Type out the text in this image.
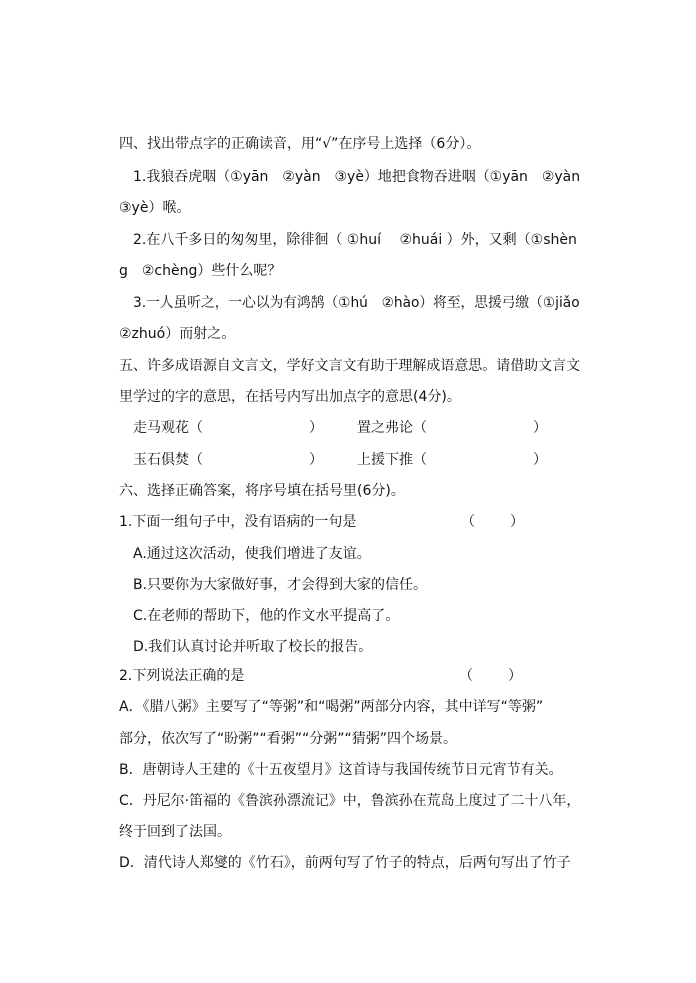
四、找出带点字的正确读音，用“√”在序号上选择（6分）。
1.我狼吞虎咽（①yān　②yàn　③yè）地把食物吞进咽（①yān　②yàn
③yè）喉。
2.在八千多日的匆匆里，除徘徊（ ①huí　 ②huái ）外，又剩（①shèn
g　②chèng）些什么呢？
3.一人虽听之，一心以为有鸿鹄（①hú　②hào）将至，思援弓缴（①jiǎo
②zhuó）而射之。
五、许多成语源自文言文，学好文言文有助于理解成语意思。请借助文言文
里学过的字的意思，在括号内写出加点字的意思(4分)。
走马观花（	） 置之弗论（	）
玉石俱焚（	） 上援下推（	）
六、选择正确答案，将序号填在括号里(6分)。
1.下面一组句子中，没有语病的一句是	（	）
A.通过这次活动，使我们增进了友谊。
B.只要你为大家做好事，才会得到大家的信任。
C.在老师的帮助下，他的作文水平提高了。
D.我们认真讨论并听取了校长的报告。
2.下列说法正确的是	（	）
A．《腊八粥》主要写了“等粥”和“喝粥”两部分内容，其中详写“等粥”
部分，依次写了“盼粥”“看粥”“分粥”“猜粥”四个场景。
B．唐朝诗人王建的《十五夜望月》这首诗与我国传统节日元宵节有关。
C．丹尼尔·笛福的《鲁滨孙漂流记》中，鲁滨孙在荒岛上度过了二十八年，
终于回到了法国。
D．清代诗人郑燮的《竹石》，前两句写了竹子的特点，后两句写出了竹子
